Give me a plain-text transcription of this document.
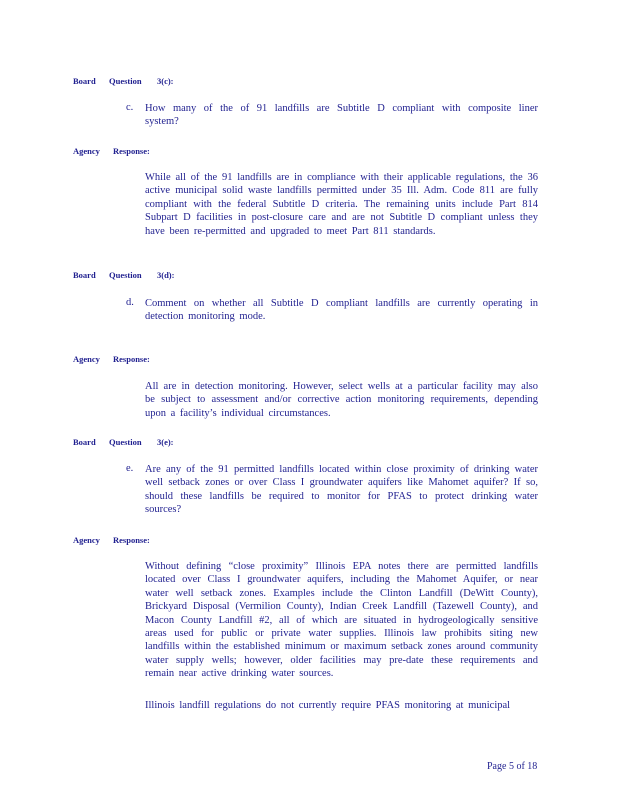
Board Question 3(c):
c. How many of the of 91 landfills are Subtitle D compliant with composite liner system?
Agency Response:
While all of the 91 landfills are in compliance with their applicable regulations, the 36 active municipal solid waste landfills permitted under 35 Ill. Adm. Code 811 are fully compliant with the federal Subtitle D criteria. The remaining units include Part 814 Subpart D facilities in post-closure care and are not Subtitle D compliant unless they have been re-permitted and upgraded to meet Part 811 standards.
Board Question 3(d):
d. Comment on whether all Subtitle D compliant landfills are currently operating in detection monitoring mode.
Agency Response:
All are in detection monitoring. However, select wells at a particular facility may also be subject to assessment and/or corrective action monitoring requirements, depending upon a facility’s individual circumstances.
Board Question 3(e):
e. Are any of the 91 permitted landfills located within close proximity of drinking water well setback zones or over Class I groundwater aquifers like Mahomet aquifer? If so, should these landfills be required to monitor for PFAS to protect drinking water sources?
Agency Response:
Without defining “close proximity” Illinois EPA notes there are permitted landfills located over Class I groundwater aquifers, including the Mahomet Aquifer, or near water well setback zones. Examples include the Clinton Landfill (DeWitt County), Brickyard Disposal (Vermilion County), Indian Creek Landfill (Tazewell County), and Macon County Landfill #2, all of which are situated in hydrogeologically sensitive areas used for public or private water supplies. Illinois law prohibits siting new landfills within the established minimum or maximum setback zones around community water supply wells; however, older facilities may pre-date these requirements and remain near active drinking water sources.
Illinois landfill regulations do not currently require PFAS monitoring at municipal
Page 5 of 18
